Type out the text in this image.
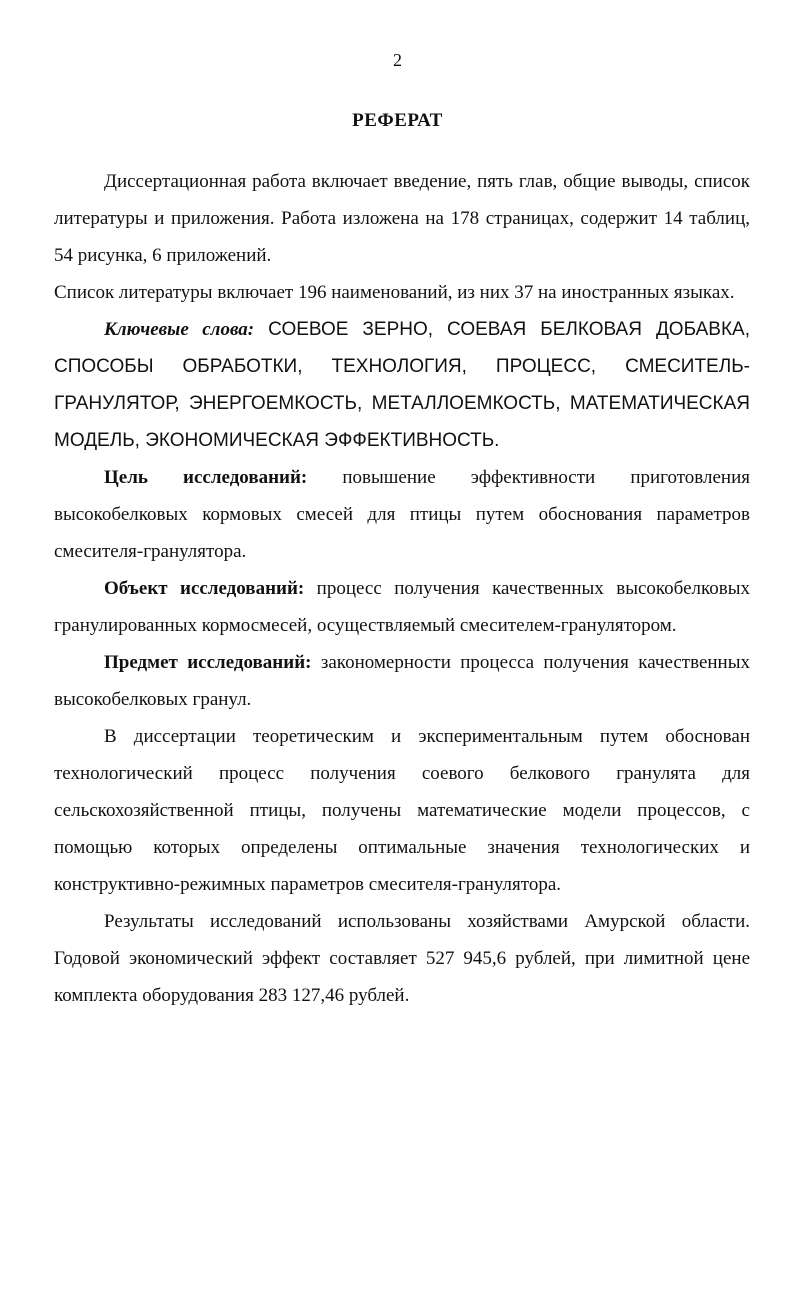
2
РЕФЕРАТ

Диссертационная работа включает введение, пять глав, общие выводы, список литературы и приложения. Работа изложена на 178 страницах, содержит 14 таблиц, 54 рисунка, 6 приложений.

Список литературы включает 196 наименований, из них 37 на иностранных языках.

Ключевые слова: СОЕВОЕ ЗЕРНО, СОЕВАЯ БЕЛКОВАЯ ДОБАВКА, СПОСОБЫ ОБРАБОТКИ, ТЕХНОЛОГИЯ, ПРОЦЕСС, СМЕСИТЕЛЬ-ГРАНУЛЯТОР, ЭНЕРГОЕМКОСТЬ, МЕТАЛЛОЕМКОСТЬ, МАТЕМАТИЧЕСКАЯ МОДЕЛЬ, ЭКОНОМИЧЕСКАЯ ЭФФЕКТИВНОСТЬ.

Цель исследований: повышение эффективности приготовления высокобелковых кормовых смесей для птицы путем обоснования параметров смесителя-гранулятора.

Объект исследований: процесс получения качественных высокобелковых гранулированных кормосмесей, осуществляемый смесителем-гранулятором.

Предмет исследований: закономерности процесса получения качественных высокобелковых гранул.

В диссертации теоретическим и экспериментальным путем обоснован технологический процесс получения соевого белкового гранулята для сельскохозяйственной птицы, получены математические модели процессов, с помощью которых определены оптимальные значения технологических и конструктивно-режимных параметров смесителя-гранулятора.

Результаты исследований использованы хозяйствами Амурской области. Годовой экономический эффект составляет 527 945,6 рублей, при лимитной цене комплекта оборудования 283 127,46 рублей.
